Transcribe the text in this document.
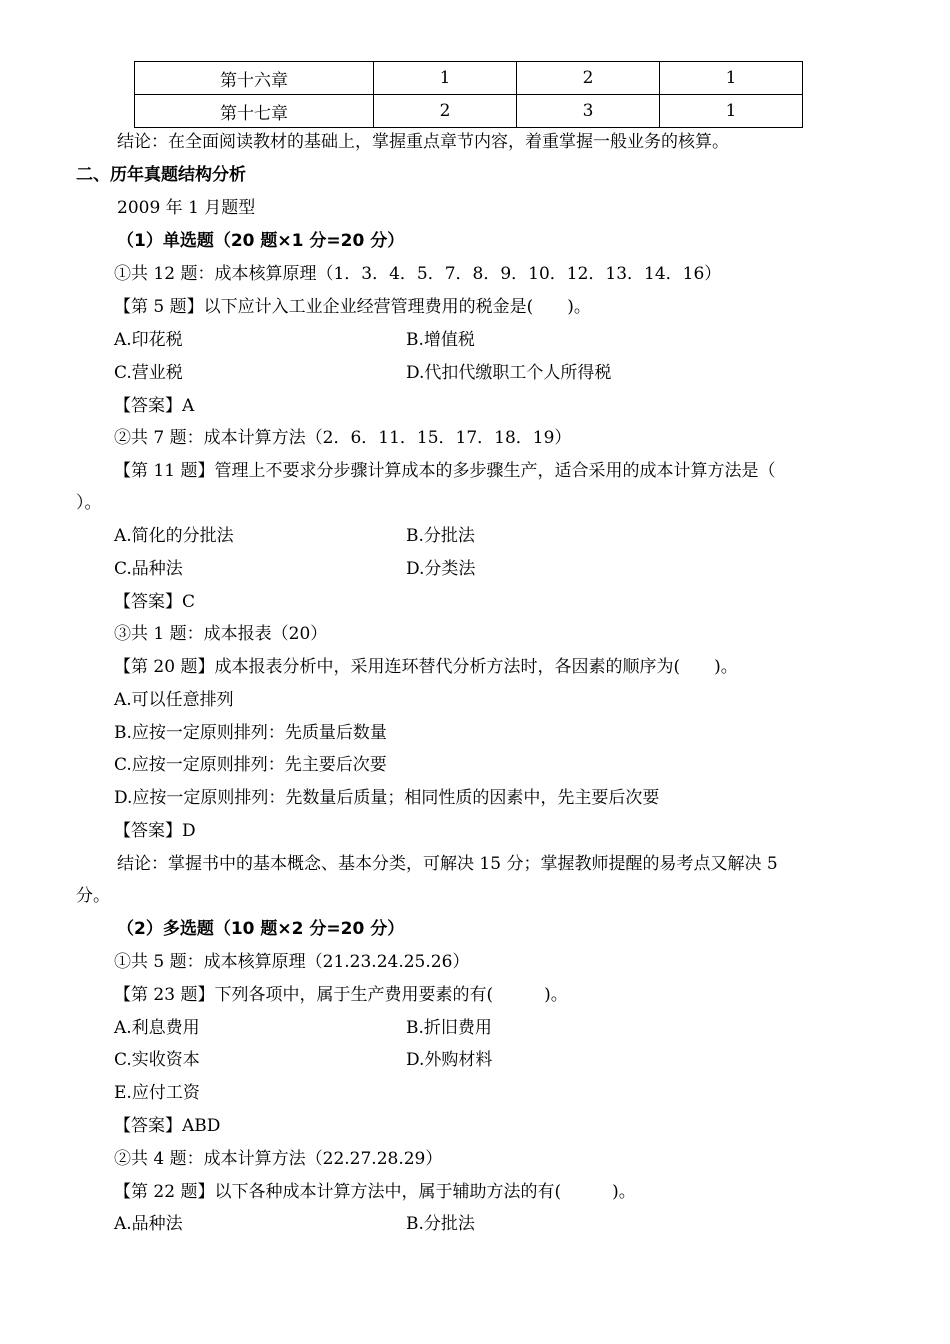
第十六章	1	2	1
第十七章	2	3	1
结论：在全面阅读教材的基础上，掌握重点章节内容，着重掌握一般业务的核算。
二、历年真题结构分析
2009 年 1 月题型
（1）单选题（20 题×1 分=20 分）
①共 12 题：成本核算原理（1．3．4．5．7．8．9．10．12．13．14．16）
【第 5 题】以下应计入工业企业经营管理费用的税金是(　　)。
A.印花税	B.增值税
C.营业税	D.代扣代缴职工个人所得税
【答案】A
②共 7 题：成本计算方法（2．6．11．15．17．18．19）
【第 11 题】管理上不要求分步骤计算成本的多步骤生产，适合采用的成本计算方法是（
）。
A.简化的分批法	B.分批法
C.品种法	D.分类法
【答案】C
③共 1 题：成本报表（20）
【第 20 题】成本报表分析中，采用连环替代分析方法时，各因素的顺序为(　　)。
A.可以任意排列
B.应按一定原则排列：先质量后数量
C.应按一定原则排列：先主要后次要
D.应按一定原则排列：先数量后质量；相同性质的因素中，先主要后次要
【答案】D
结论：掌握书中的基本概念、基本分类，可解决 15 分；掌握教师提醒的易考点又解决 5
分。
（2）多选题（10 题×2 分=20 分）
①共 5 题：成本核算原理（21.23.24.25.26）
【第 23 题】下列各项中，属于生产费用要素的有(　　　)。
A.利息费用	B.折旧费用
C.实收资本	D.外购材料
E.应付工资
【答案】ABD
②共 4 题：成本计算方法（22.27.28.29）
【第 22 题】以下各种成本计算方法中，属于辅助方法的有(　　　)。
A.品种法	B.分批法
